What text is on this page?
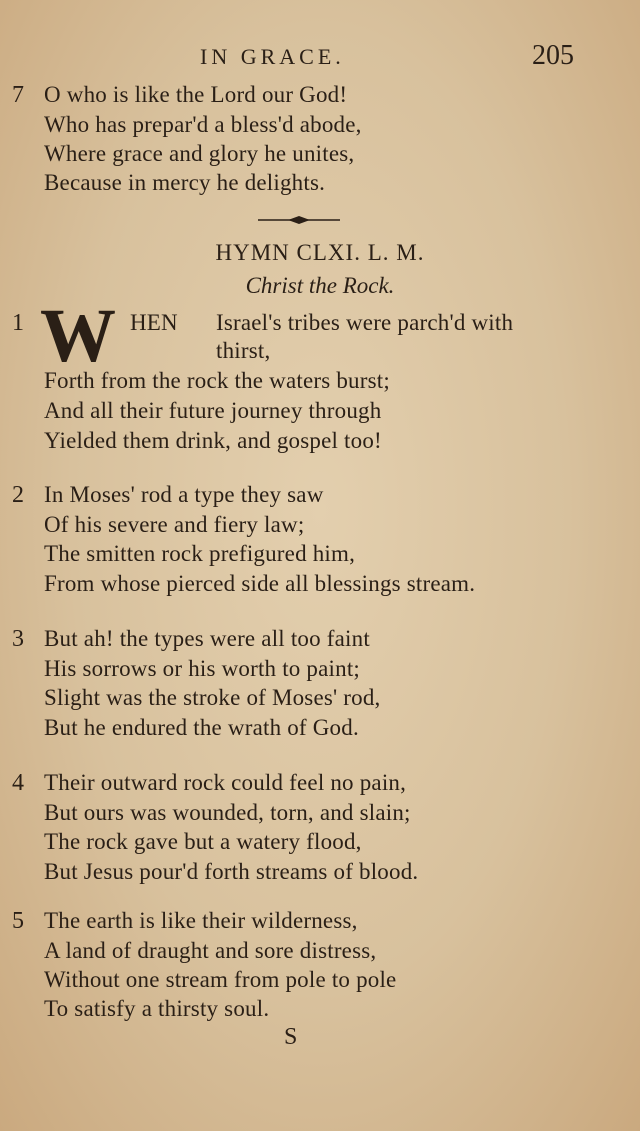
IN GRACE.	205
7 O who is like the Lord our God!
Who has prepar'd a bless'd abode,
Where grace and glory he unites,
Because in mercy he delights.
HYMN CLXI. L. M.
Christ the Rock.
1 W HEN Israel's tribes were parch'd with
thirst,
Forth from the rock the waters burst;
And all their future journey through
Yielded them drink, and gospel too!
2 In Moses' rod a type they saw
Of his severe and fiery law;
The smitten rock prefigured him,
From whose pierced side all blessings stream.
3 But ah! the types were all too faint
His sorrows or his worth to paint;
Slight was the stroke of Moses' rod,
But he endured the wrath of God.
4 Their outward rock could feel no pain,
But ours was wounded, torn, and slain;
The rock gave but a watery flood,
But Jesus pour'd forth streams of blood.
5 The earth is like their wilderness,
A land of draught and sore distress,
Without one stream from pole to pole
To satisfy a thirsty soul.
S
